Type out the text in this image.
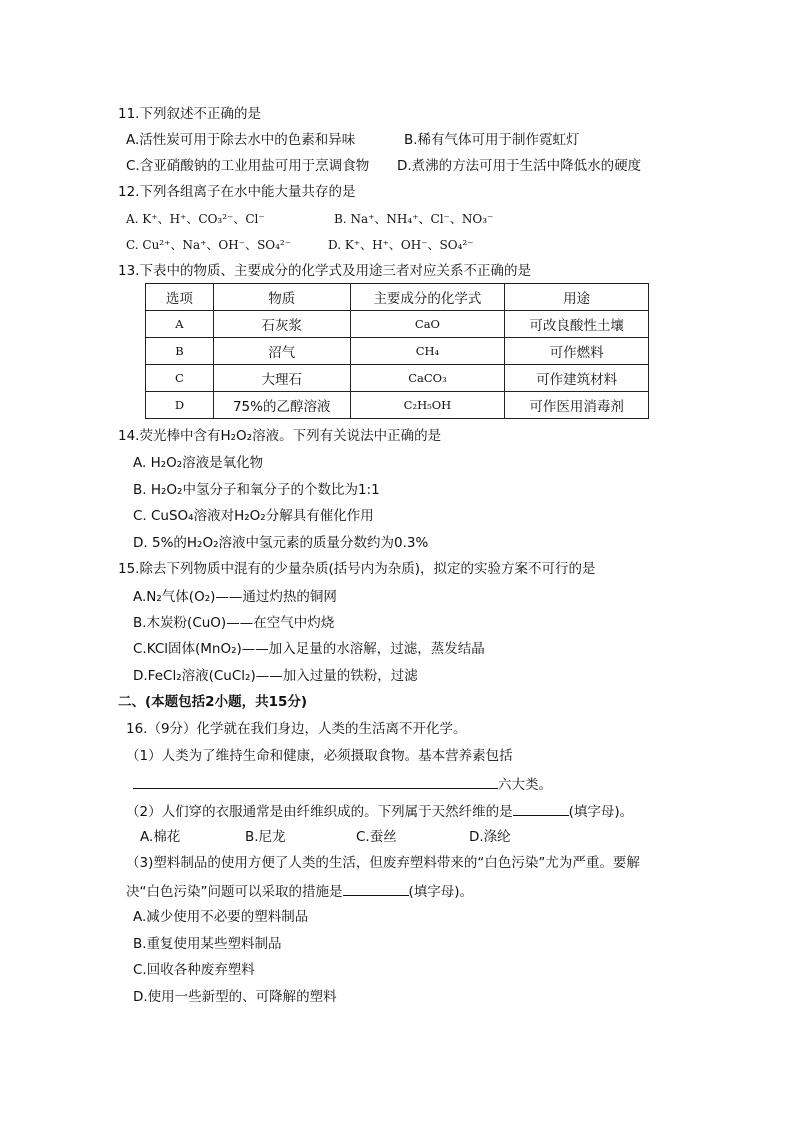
11.下列叙述不正确的是
A.活性炭可用于除去水中的色素和异味	B.稀有气体可用于制作霓虹灯
C.含亚硝酸钠的工业用盐可用于烹调食物 D.煮沸的方法可用于生活中降低水的硬度
12.下列各组离子在水中能大量共存的是
A. K⁺、H⁺、CO₃²⁻、Cl⁻	B. Na⁺、NH₄⁺、Cl⁻、NO₃⁻
C. Cu²⁺、Na⁺、OH⁻、SO₄²⁻	D. K⁺、H⁺、OH⁻、SO₄²⁻
13.下表中的物质、主要成分的化学式及用途三者对应关系不正确的是
选项	物质	主要成分的化学式	用途
A	石灰浆	CaO	可改良酸性土壤
B	沼气	CH₄	可作燃料
C	大理石	CaCO₃	可作建筑材料
D	75%的乙醇溶液	C₂H₅OH	可作医用消毒剂
14.荧光棒中含有H₂O₂溶液。下列有关说法中正确的是
A. H₂O₂溶液是氧化物
B. H₂O₂中氢分子和氧分子的个数比为1:1
C. CuSO₄溶液对H₂O₂分解具有催化作用
D. 5%的H₂O₂溶液中氢元素的质量分数约为0.3%
15.除去下列物质中混有的少量杂质(括号内为杂质)，拟定的实验方案不可行的是
A.N₂气体(O₂)——通过灼热的铜网
B.木炭粉(CuO)——在空气中灼烧
C.KCl固体(MnO₂)——加入足量的水溶解，过滤，蒸发结晶
D.FeCl₂溶液(CuCl₂)——加入过量的铁粉，过滤
二、(本题包括2小题，共15分)
16.（9分）化学就在我们身边，人类的生活离不开化学。
（1）人类为了维持生命和健康，必须摄取食物。基本营养素包括
六大类。
（2）人们穿的衣服通常是由纤维织成的。下列属于天然纤维的是	(填字母)。
A.棉花	B.尼龙	C.蚕丝	D.涤纶
（3)塑料制品的使用方便了人类的生活，但废弃塑料带来的“白色污染”尤为严重。要解
决“白色污染”问题可以采取的措施是	(填字母)。
A.减少使用不必要的塑料制品
B.重复使用某些塑料制品
C.回收各种废弃塑料
D.使用一些新型的、可降解的塑料
